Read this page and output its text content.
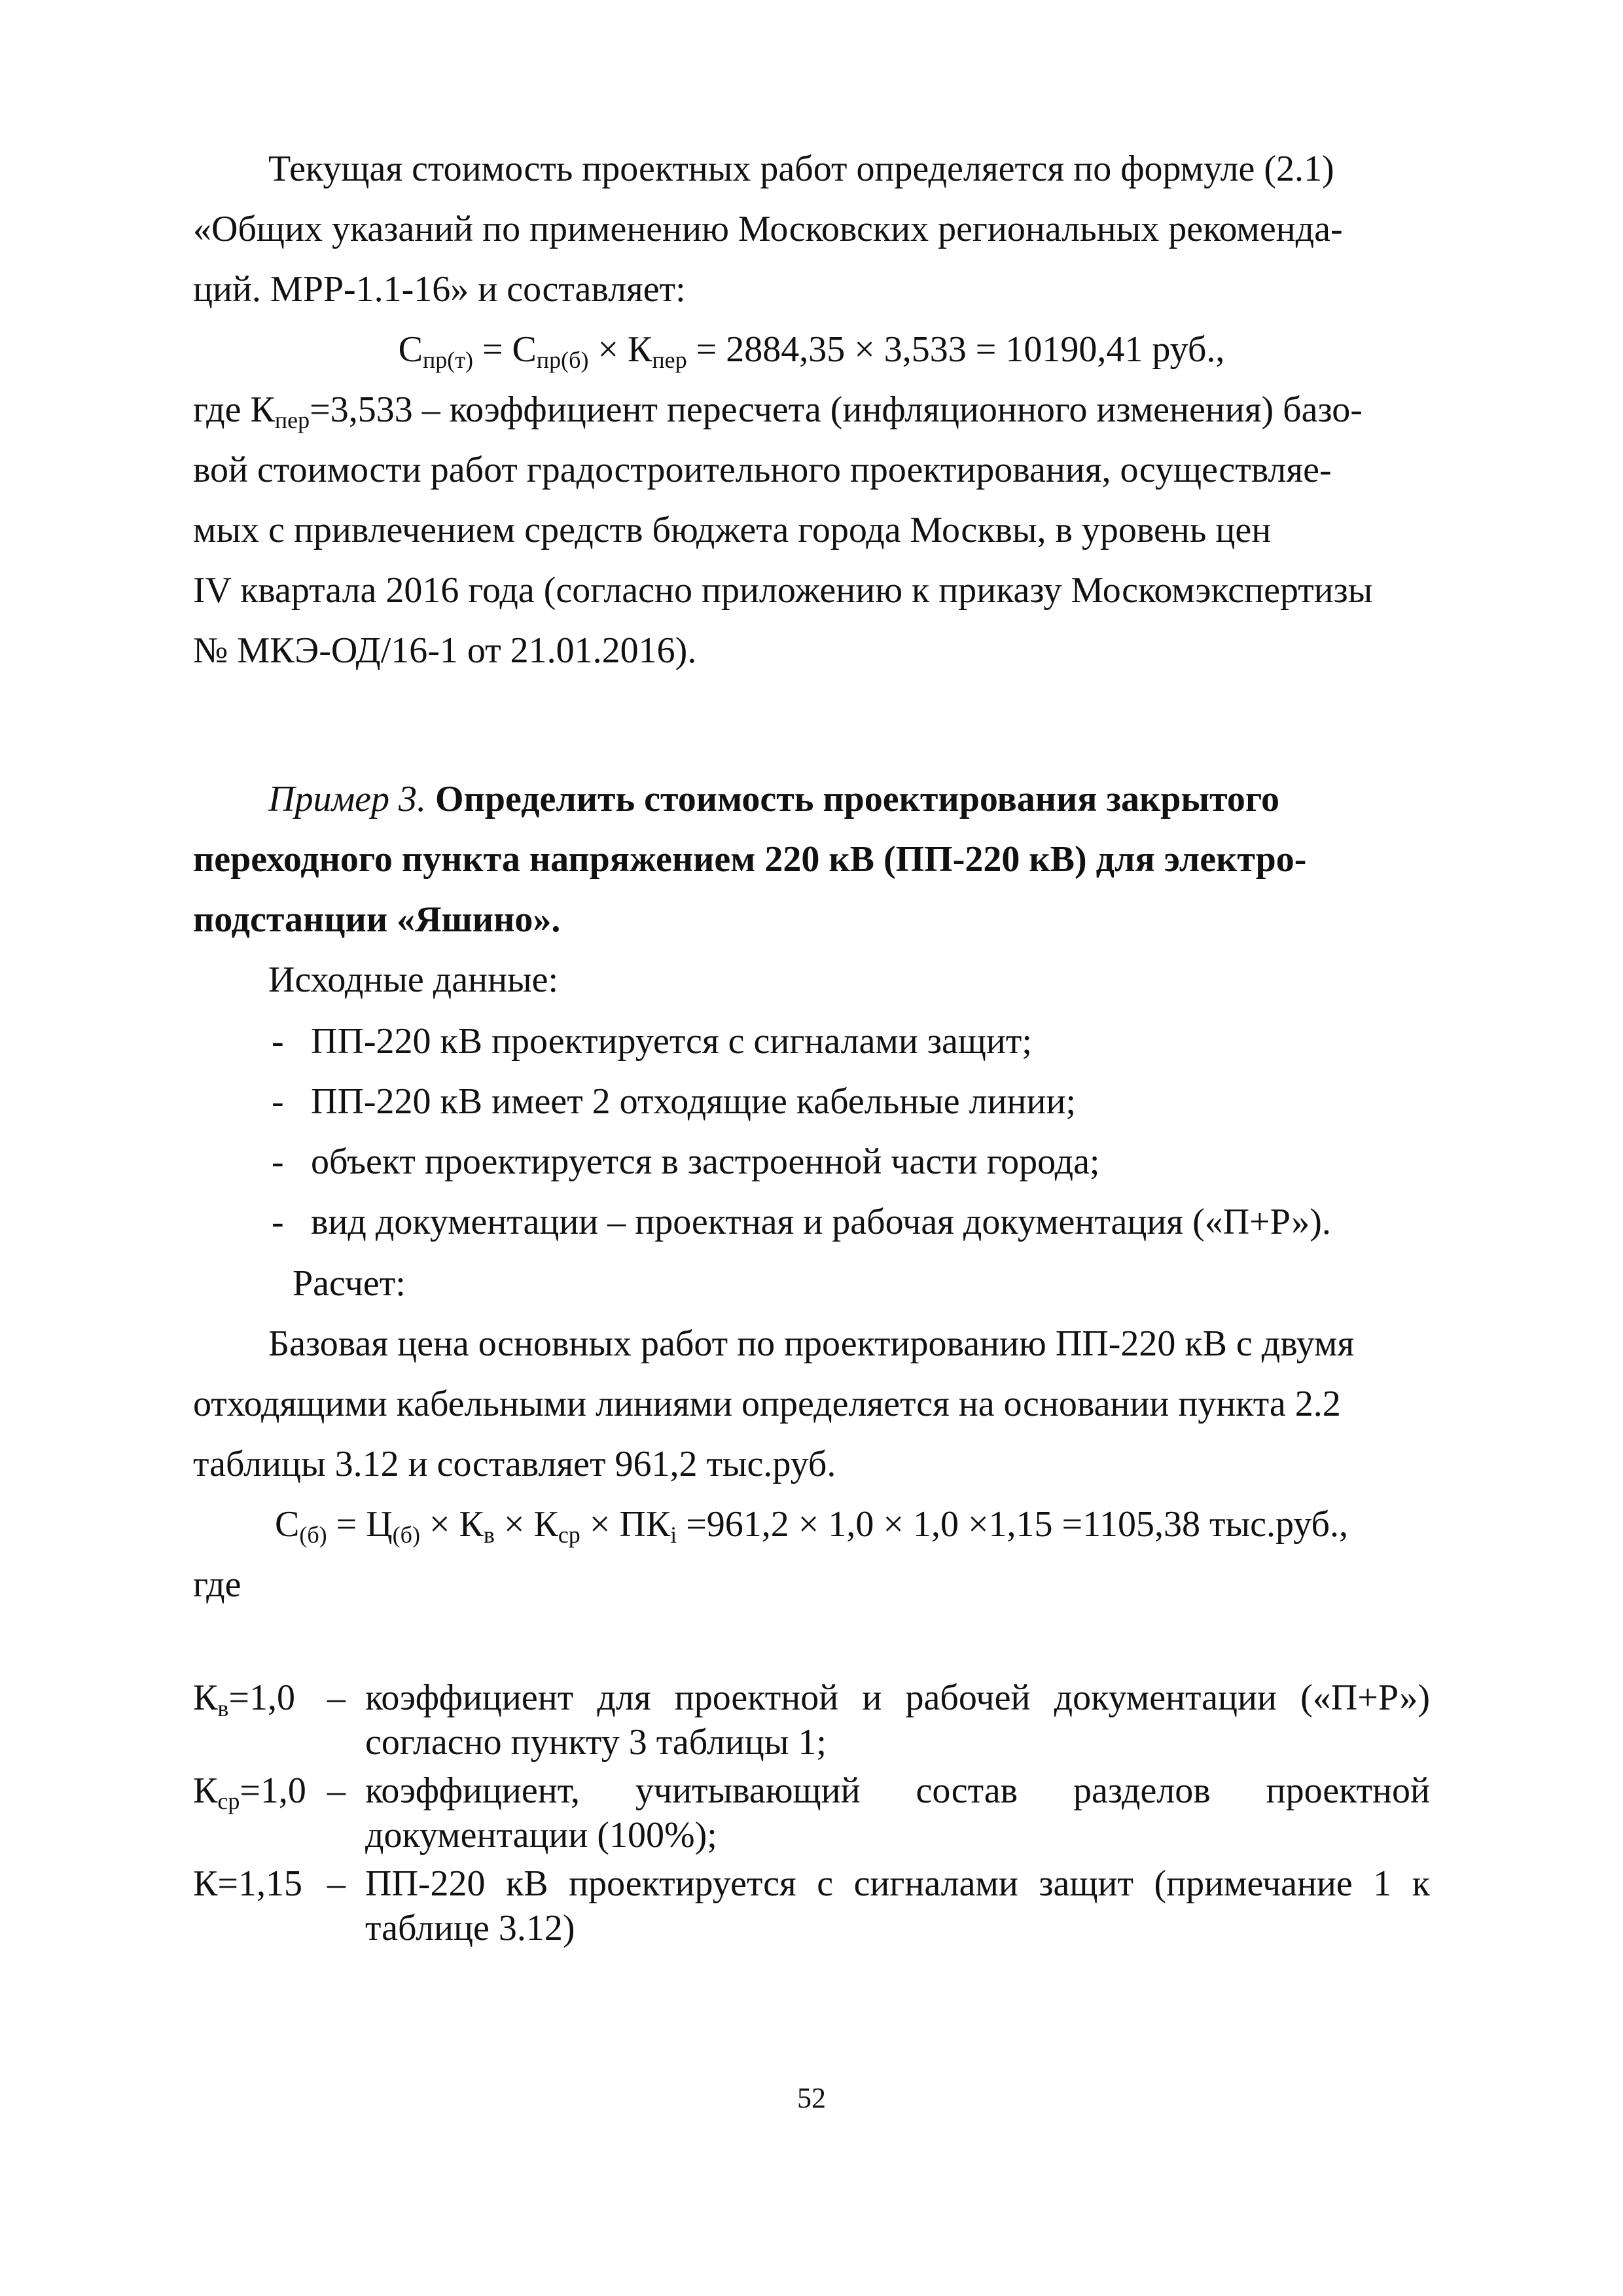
Текущая стоимость проектных работ определяется по формуле (2.1)

«Общих указаний по применению Московских региональных рекоменда-

ций. МРР-1.1-16» и составляет:

$С_{пр(т)} = С_{пр(б)} \times К_{пер} = 2884,35 \times 3,533 = 10190,41$ руб.,

где $К_{пер}=3,533$ – коэффициент пересчета (инфляционного изменения) базо-

вой стоимости работ градостроительного проектирования, осуществляе-

мых с привлечением средств бюджета города Москвы, в уровень цен

IV квартала 2016 года (согласно приложению к приказу Москомэкспертизы

№ МКЭ-ОД/16-1 от 21.01.2016).

Пример 3. Определить стоимость проектирования закрытого

переходного пункта напряжением 220 кВ (ПП-220 кВ) для электро-

подстанции «Яшино».

Исходные данные:

- ПП-220 кВ проектируется с сигналами защит;
- ПП-220 кВ имеет 2 отходящие кабельные линии;
- объект проектируется в застроенной части города;
- вид документации – проектная и рабочая документация («П+Р»).

Расчет:

Базовая цена основных работ по проектированию ПП-220 кВ с двумя

отходящими кабельными линиями определяется на основании пункта 2.2

таблицы 3.12 и составляет 961,2 тыс.руб.

$С_{(б)} = Ц_{(б)} \times К_в \times К_{ср} \times ПК_i =961,2 \times 1,0 \times 1,0 \times 1,15 =1105,38$ тыс.руб.,

где

$К_в=1,0$ – коэффициент для проектной и рабочей документации («П+Р») согласно пункту 3 таблицы 1;
$К_{ср}=1,0$ – коэффициент, учитывающий состав разделов проектной документации (100%);
К=1,15 – ПП-220 кВ проектируется с сигналами защит (примечание 1 к таблице 3.12)
52
